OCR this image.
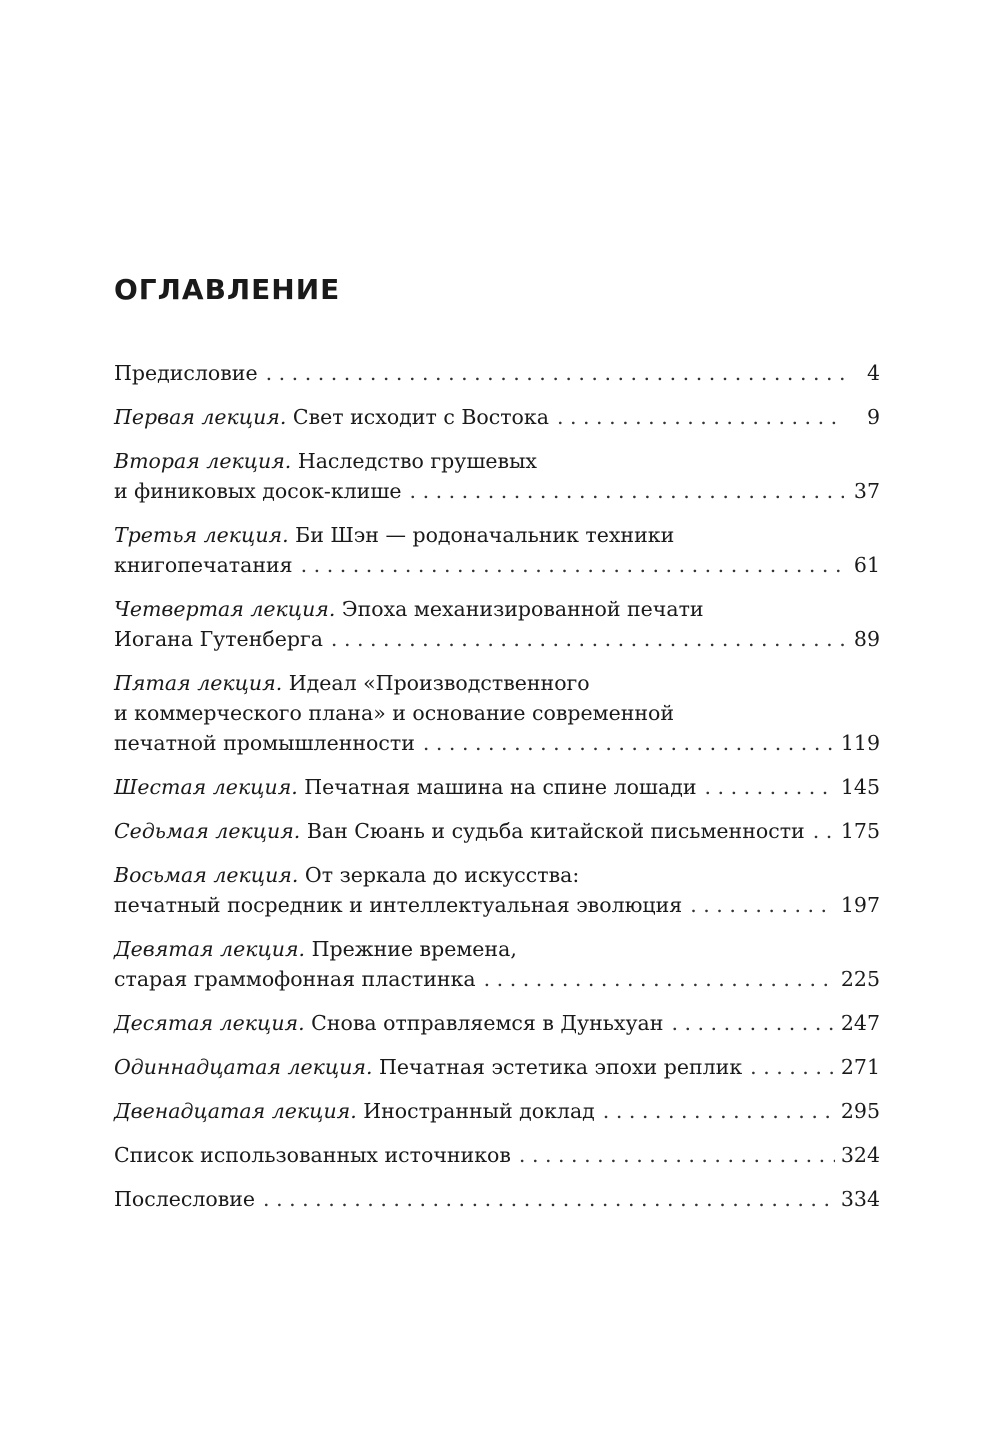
ОГЛАВЛЕНИЕ
Предисловие . . .	4
Первая лекция. Свет исходит с Востока . . .	9
Вторая лекция. Наследство грушевых
и финиковых досок-клише . . .	37
Третья лекция. Би Шэн — родоначальник техники
книгопечатания . . .	61
Четвертая лекция. Эпоха механизированной печати
Иогана Гутенберга . . .	89
Пятая лекция. Идеал «Производственного
и коммерческого плана» и основание современной
печатной промышленности . . .	119
Шестая лекция. Печатная машина на спине лошади . . .	145
Седьмая лекция. Ван Сюань и судьба китайской письменности . . . 175
Восьмая лекция. От зеркала до искусства:
печатный посредник и интеллектуальная эволюция . . .	197
Девятая лекция. Прежние времена,
старая граммофонная пластинка . . .	225
Десятая лекция. Снова отправляемся в Дуньхуан . . .	247
Одиннадцатая лекция. Печатная эстетика эпохи реплик . . .	271
Двенадцатая лекция. Иностранный доклад . . .	295
Список использованных источников . . .	324
Послесловие . . .	334
